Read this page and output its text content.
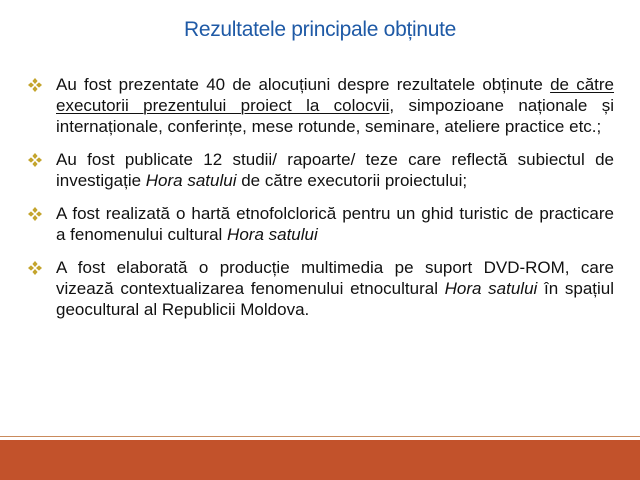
Rezultatele principale obținute
Au fost prezentate 40 de alocuțiuni despre rezultatele obținute de către executorii prezentului proiect la colocvii, simpozioane naționale și internaționale, conferințe, mese rotunde, seminare, ateliere practice etc.;
Au fost publicate 12 studii/ rapoarte/ teze care reflectă subiectul de investigație Hora satului de către executorii proiectului;
A fost realizată o hartă etnofolclorică pentru un ghid turistic de practicare a fenomenului cultural Hora satului
A fost elaborată o producție multimedia pe suport DVD-ROM, care vizează contextualizarea fenomenului etnocultural Hora satului în spațiul geocultural al Republicii Moldova.
